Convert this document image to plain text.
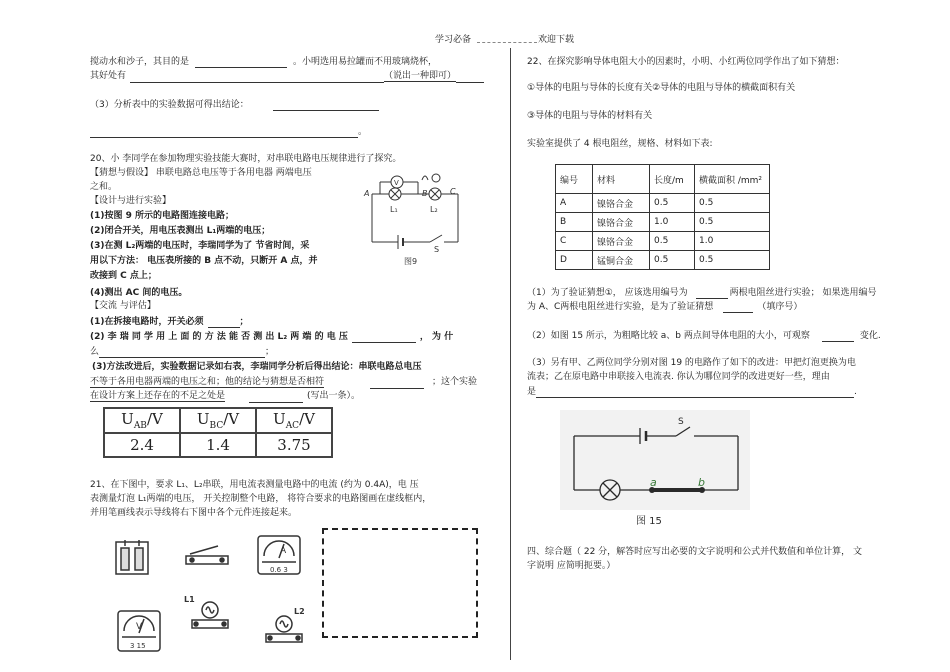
学习必备	欢迎下载
搅动水和沙子，其目的是	。小明选用易拉罐而不用玻璃烧杯，
其好处有	（说出一种即可）
（3）分析表中的实验数据可得出结论：
。
20、小 李同学在参加物理实验技能大赛时，对串联电路电压规律进行了探究。
【猜想与假设】 串联电路总电压等于各用电器 两端电压
之和。
【设计与进行实验】
(1)按图 9 所示的电路图连接电路；
(2)闭合开关，用电压表测出 L₁两端的电压；
(3)在测 L₂两端的电压时，李瑞同学为了 节省时间，采
用以下方法： 电压表所接的 B 点不动，只断开 A 点，并
改接到 C 点上；
(4)测出 AC 间的电压。
【交流 与评估】
(1)在拆接电路时，开关必须	；
(2) 李 瑞 同 学 用 上 面 的 方 法 能 否 测 出 L₂ 两 端 的 电 压	， 为 什
么	；
(3)方法改进后，实验数据记录如右表，李瑞同学分析后得出结论：串联电路总电压
不等于各用电器两端的电压之和；他的结论与猜想是否相符	；这个实验
在设计方案上还存在的不足之处是	(写出一条）。
$U_{AB}/V$	$U_{BC}/V$	$U_{AC}/V$
2.4	1.4	3.75
A	B	C
V
L₁	L₂
S
图9
21、在下图中，要求 L₁、L₂串联，用电流表测量电路中的电流 (约为 0.4A)，电 压
表测量灯泡 L₁两端的电压， 开关控制整个电路， 将符合要求的电路图画在虚线框内，
并用笔画线表示导线将右下图中各个元件连接起来。
A
0.6 3
L1
L2
V
3 15
22、在探究影响导体电阻大小的因素时，小明、小红两位同学作出了如下猜想：
①导体的电阻与导体的长度有关②导体的电阻与导体的横截面积有关
③导体的电阻与导体的材料有关
实验室提供了 4 根电阻丝，规格、材料如下表:
编号	材料	长度/m	横截面积 /mm²
A	镍铬合金	0.5	0.5
B	镍铬合金	1.0	0.5
C	镍铬合金	0.5	1.0
D	锰铜合金	0.5	0.5
（1）为了验证猜想①， 应该选用编号为	两根电阻丝进行实验； 如果选用编号
为 A、C两根电阻丝进行实验，是为了验证猜想	（填序号）
（2）如图 15 所示，为粗略比较 a、b 两点间导体电阻的大小，可观察	变化.
（3）另有甲、乙两位同学分别对图 19 的电路作了如下的改进：甲把灯泡更换为电
流表；乙在原电路中串联接入电流表. 你认为哪位同学的改进更好一些，理由
是	.
S
a	b
图 15
四、综合题（ 22 分，解答时应写出必要的文字说明和公式并代数值和单位计算， 文
字说明 应简明扼要。）
